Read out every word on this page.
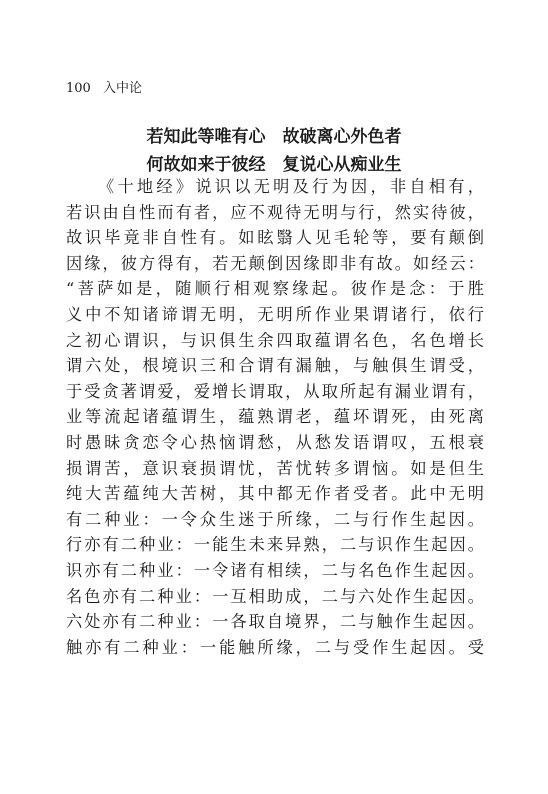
100 入中论
若知此等唯有心　故破离心外色者
何故如来于彼经　复说心从痴业生
《十地经》说识以无明及行为因，非自相有，
若识由自性而有者，应不观待无明与行，然实待彼，
故识毕竟非自性有。如眩翳人见毛轮等，要有颠倒
因缘，彼方得有，若无颠倒因缘即非有故。如经云：
“菩萨如是，随顺行相观察缘起。彼作是念：于胜
义中不知诸谛谓无明，无明所作业果谓诸行，依行
之初心谓识，与识俱生余四取蕴谓名色，名色增长
谓六处，根境识三和合谓有漏触，与触俱生谓受，
于受贪著谓爱，爱增长谓取，从取所起有漏业谓有，
业等流起诸蕴谓生，蕴熟谓老，蕴坏谓死，由死离
时愚昧贪恋令心热恼谓愁，从愁发语谓叹，五根衰
损谓苦，意识衰损谓忧，苦忧转多谓恼。如是但生
纯大苦蕴纯大苦树，其中都无作者受者。此中无明
有二种业：一令众生迷于所缘，二与行作生起因。
行亦有二种业：一能生未来异熟，二与识作生起因。
识亦有二种业：一令诸有相续，二与名色作生起因。
名色亦有二种业：一互相助成，二与六处作生起因。
六处亦有二种业：一各取自境界，二与触作生起因。
触亦有二种业：一能触所缘，二与受作生起因。受
